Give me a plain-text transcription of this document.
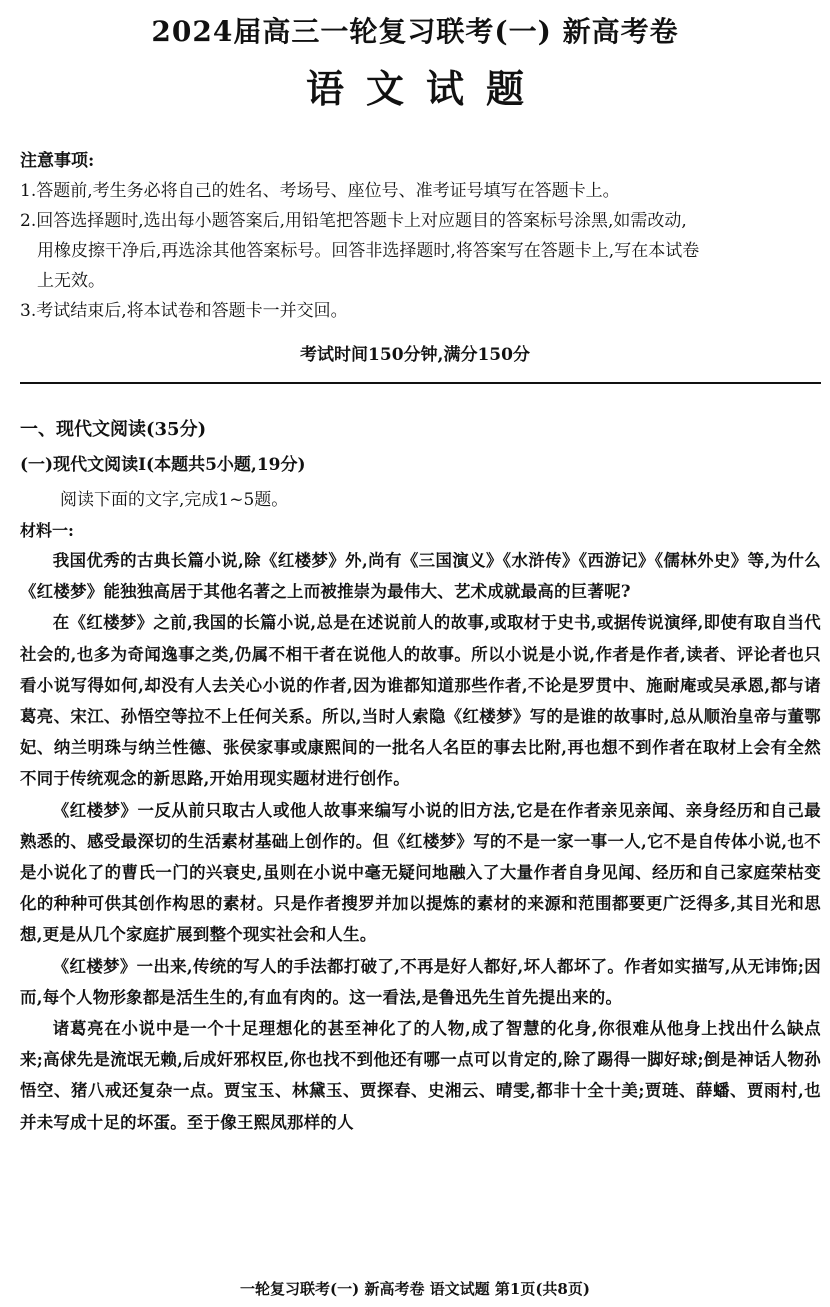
2024届高三一轮复习联考(一) 新高考卷
语文试题
注意事项:
1.答题前,考生务必将自己的姓名、考场号、座位号、准考证号填写在答题卡上。
2.回答选择题时,选出每小题答案后,用铅笔把答题卡上对应题目的答案标号涂黑,如需改动,
用橡皮擦干净后,再选涂其他答案标号。回答非选择题时,将答案写在答题卡上,写在本试卷
上无效。
3.考试结束后,将本试卷和答题卡一并交回。
考试时间150分钟,满分150分
一、现代文阅读(35分)
(一)现代文阅读Ⅰ(本题共5小题,19分)
阅读下面的文字,完成1~5题。
材料一:

我国优秀的古典长篇小说,除《红楼梦》外,尚有《三国演义》《水浒传》《西游记》《儒林外史》等,为什么《红楼梦》能独独高居于其他名著之上而被推崇为最伟大、艺术成就最高的巨著呢?

在《红楼梦》之前,我国的长篇小说,总是在述说前人的故事,或取材于史书,或据传说演绎,即使有取自当代社会的,也多为奇闻逸事之类,仍属不相干者在说他人的故事。所以小说是小说,作者是作者,读者、评论者也只看小说写得如何,却没有人去关心小说的作者,因为谁都知道那些作者,不论是罗贯中、施耐庵或吴承恩,都与诸葛亮、宋江、孙悟空等拉不上任何关系。所以,当时人索隐《红楼梦》写的是谁的故事时,总从顺治皇帝与董鄂妃、纳兰明珠与纳兰性德、张侯家事或康熙间的一批名人名臣的事去比附,再也想不到作者在取材上会有全然不同于传统观念的新思路,开始用现实题材进行创作。

《红楼梦》一反从前只取古人或他人故事来编写小说的旧方法,它是在作者亲见亲闻、亲身经历和自己最熟悉的、感受最深切的生活素材基础上创作的。但《红楼梦》写的不是一家一事一人,它不是自传体小说,也不是小说化了的曹氏一门的兴衰史,虽则在小说中毫无疑问地融入了大量作者自身见闻、经历和自己家庭荣枯变化的种种可供其创作构思的素材。只是作者搜罗并加以提炼的素材的来源和范围都要更广泛得多,其目光和思想,更是从几个家庭扩展到整个现实社会和人生。

《红楼梦》一出来,传统的写人的手法都打破了,不再是好人都好,坏人都坏了。作者如实描写,从无讳饰;因而,每个人物形象都是活生生的,有血有肉的。这一看法,是鲁迅先生首先提出来的。

诸葛亮在小说中是一个十足理想化的甚至神化了的人物,成了智慧的化身,你很难从他身上找出什么缺点来;高俅先是流氓无赖,后成奸邪权臣,你也找不到他还有哪一点可以肯定的,除了踢得一脚好球;倒是神话人物孙悟空、猪八戒还复杂一点。贾宝玉、林黛玉、贾探春、史湘云、晴雯,都非十全十美;贾琏、薛蟠、贾雨村,也并未写成十足的坏蛋。至于像王熙凤那样的人

一轮复习联考(一) 新高考卷 语文试题 第1页(共8页)
